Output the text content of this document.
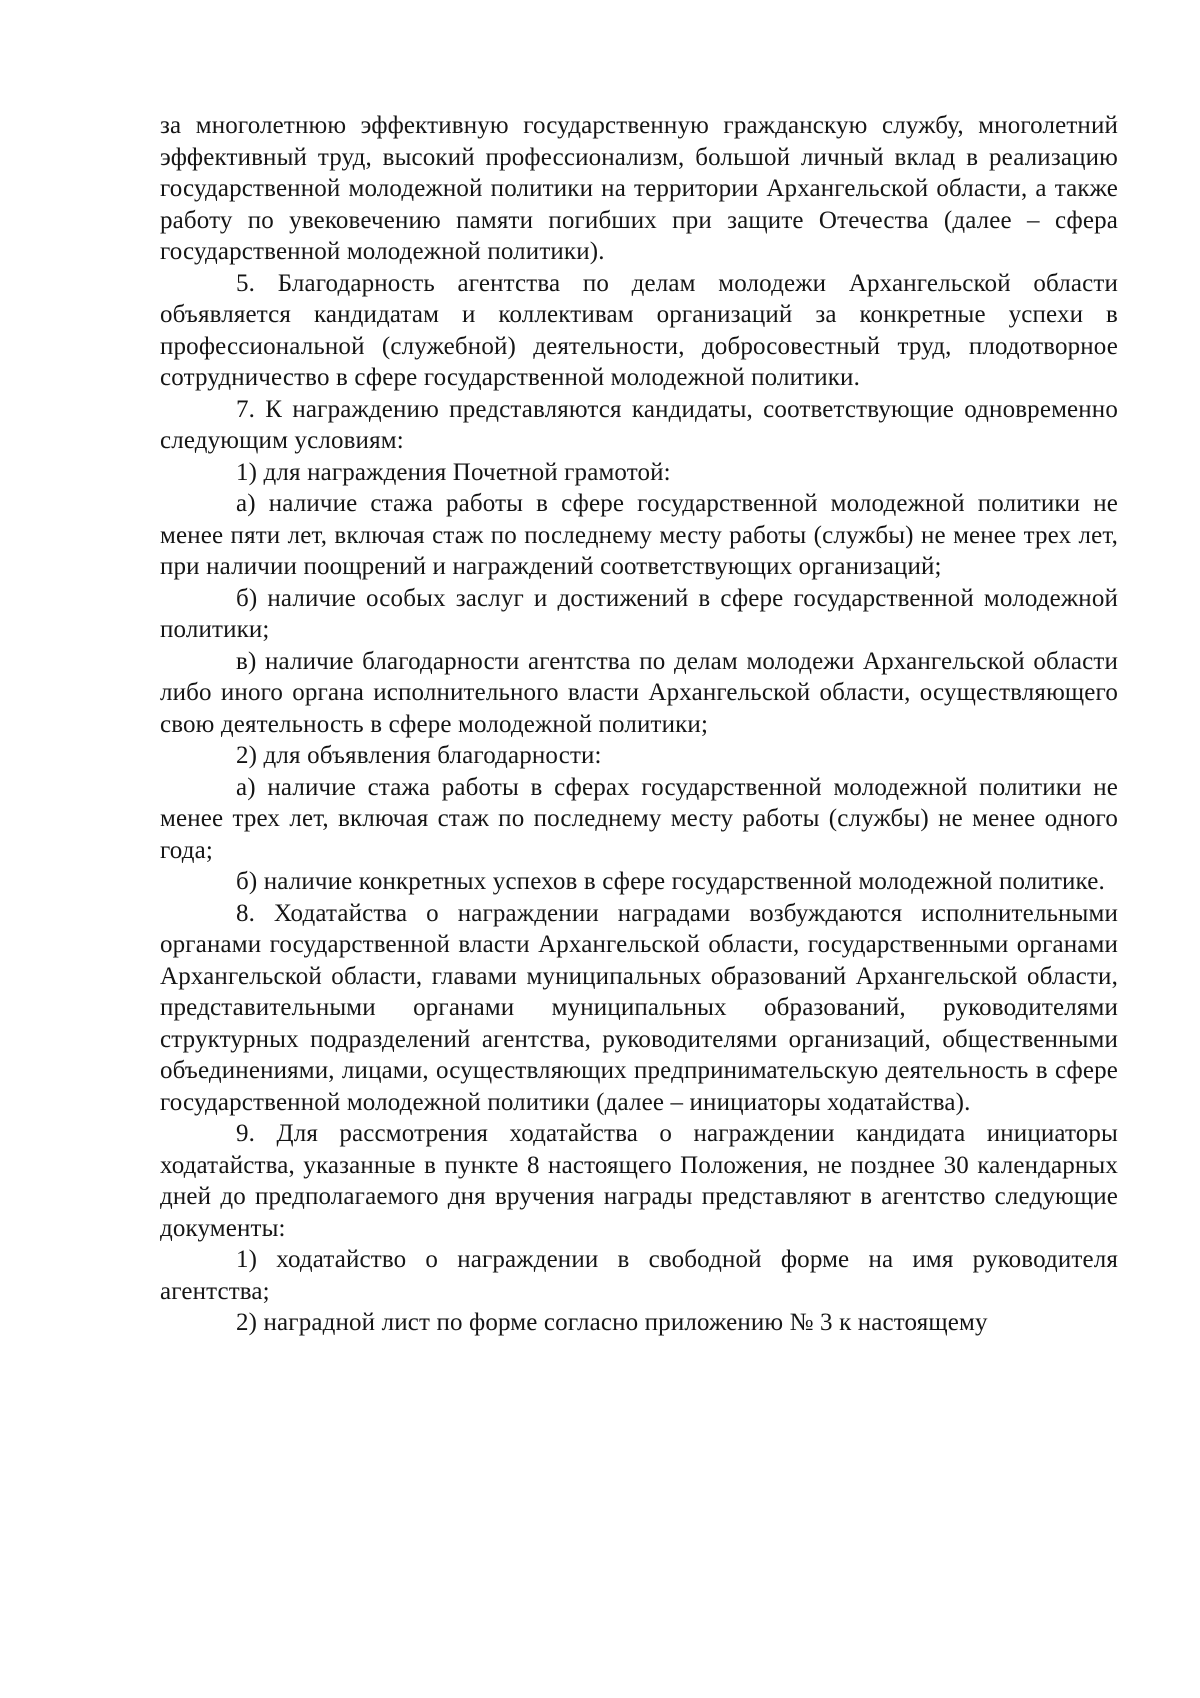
за многолетнюю эффективную государственную гражданскую службу, многолетний эффективный труд, высокий профессионализм, большой личный вклад в реализацию государственной молодежной политики на территории Архангельской области, а также работу по увековечению памяти погибших при защите Отечества (далее – сфера государственной молодежной политики).

5. Благодарность агентства по делам молодежи Архангельской области объявляется кандидатам и коллективам организаций за конкретные успехи в профессиональной (служебной) деятельности, добросовестный труд, плодотворное сотрудничество в сфере государственной молодежной политики.

7. К награждению представляются кандидаты, соответствующие одновременно следующим условиям:

1) для награждения Почетной грамотой:

а) наличие стажа работы в сфере государственной молодежной политики не менее пяти лет, включая стаж по последнему месту работы (службы) не менее трех лет, при наличии поощрений и награждений соответствующих организаций;

б) наличие особых заслуг и достижений в сфере государственной молодежной политики;

в) наличие благодарности агентства по делам молодежи Архангельской области либо иного органа исполнительного власти Архангельской области, осуществляющего свою деятельность в сфере молодежной политики;

2) для объявления благодарности:

а) наличие стажа работы в сферах государственной молодежной политики не менее трех лет, включая стаж по последнему месту работы (службы) не менее одного года;

б) наличие конкретных успехов в сфере государственной молодежной политике.

8. Ходатайства о награждении наградами возбуждаются исполнительными органами государственной власти Архангельской области, государственными органами Архангельской области, главами муниципальных образований Архангельской области, представительными органами муниципальных образований, руководителями структурных подразделений агентства, руководителями организаций, общественными объединениями, лицами, осуществляющих предпринимательскую деятельность в сфере государственной молодежной политики (далее – инициаторы ходатайства).

9. Для рассмотрения ходатайства о награждении кандидата инициаторы ходатайства, указанные в пункте 8 настоящего Положения, не позднее 30 календарных дней до предполагаемого дня вручения награды представляют в агентство следующие документы:

1) ходатайство о награждении в свободной форме на имя руководителя агентства;

2) наградной лист по форме согласно приложению № 3 к настоящему
